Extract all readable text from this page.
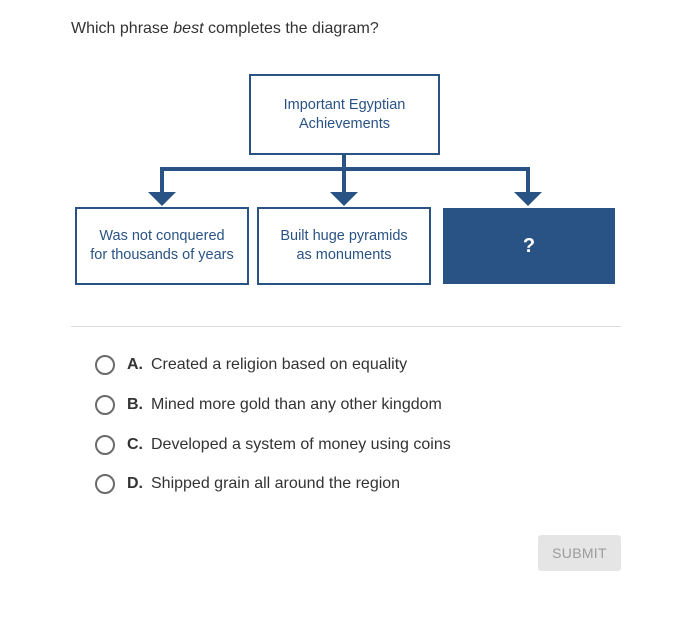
Which phrase best completes the diagram?
Important Egyptian
Achievements
Was not conquered
for thousands of years
Built huge pyramids
as monuments	?
A. Created a religion based on equality
B. Mined more gold than any other kingdom
C. Developed a system of money using coins
D. Shipped grain all around the region
SUBMIT
